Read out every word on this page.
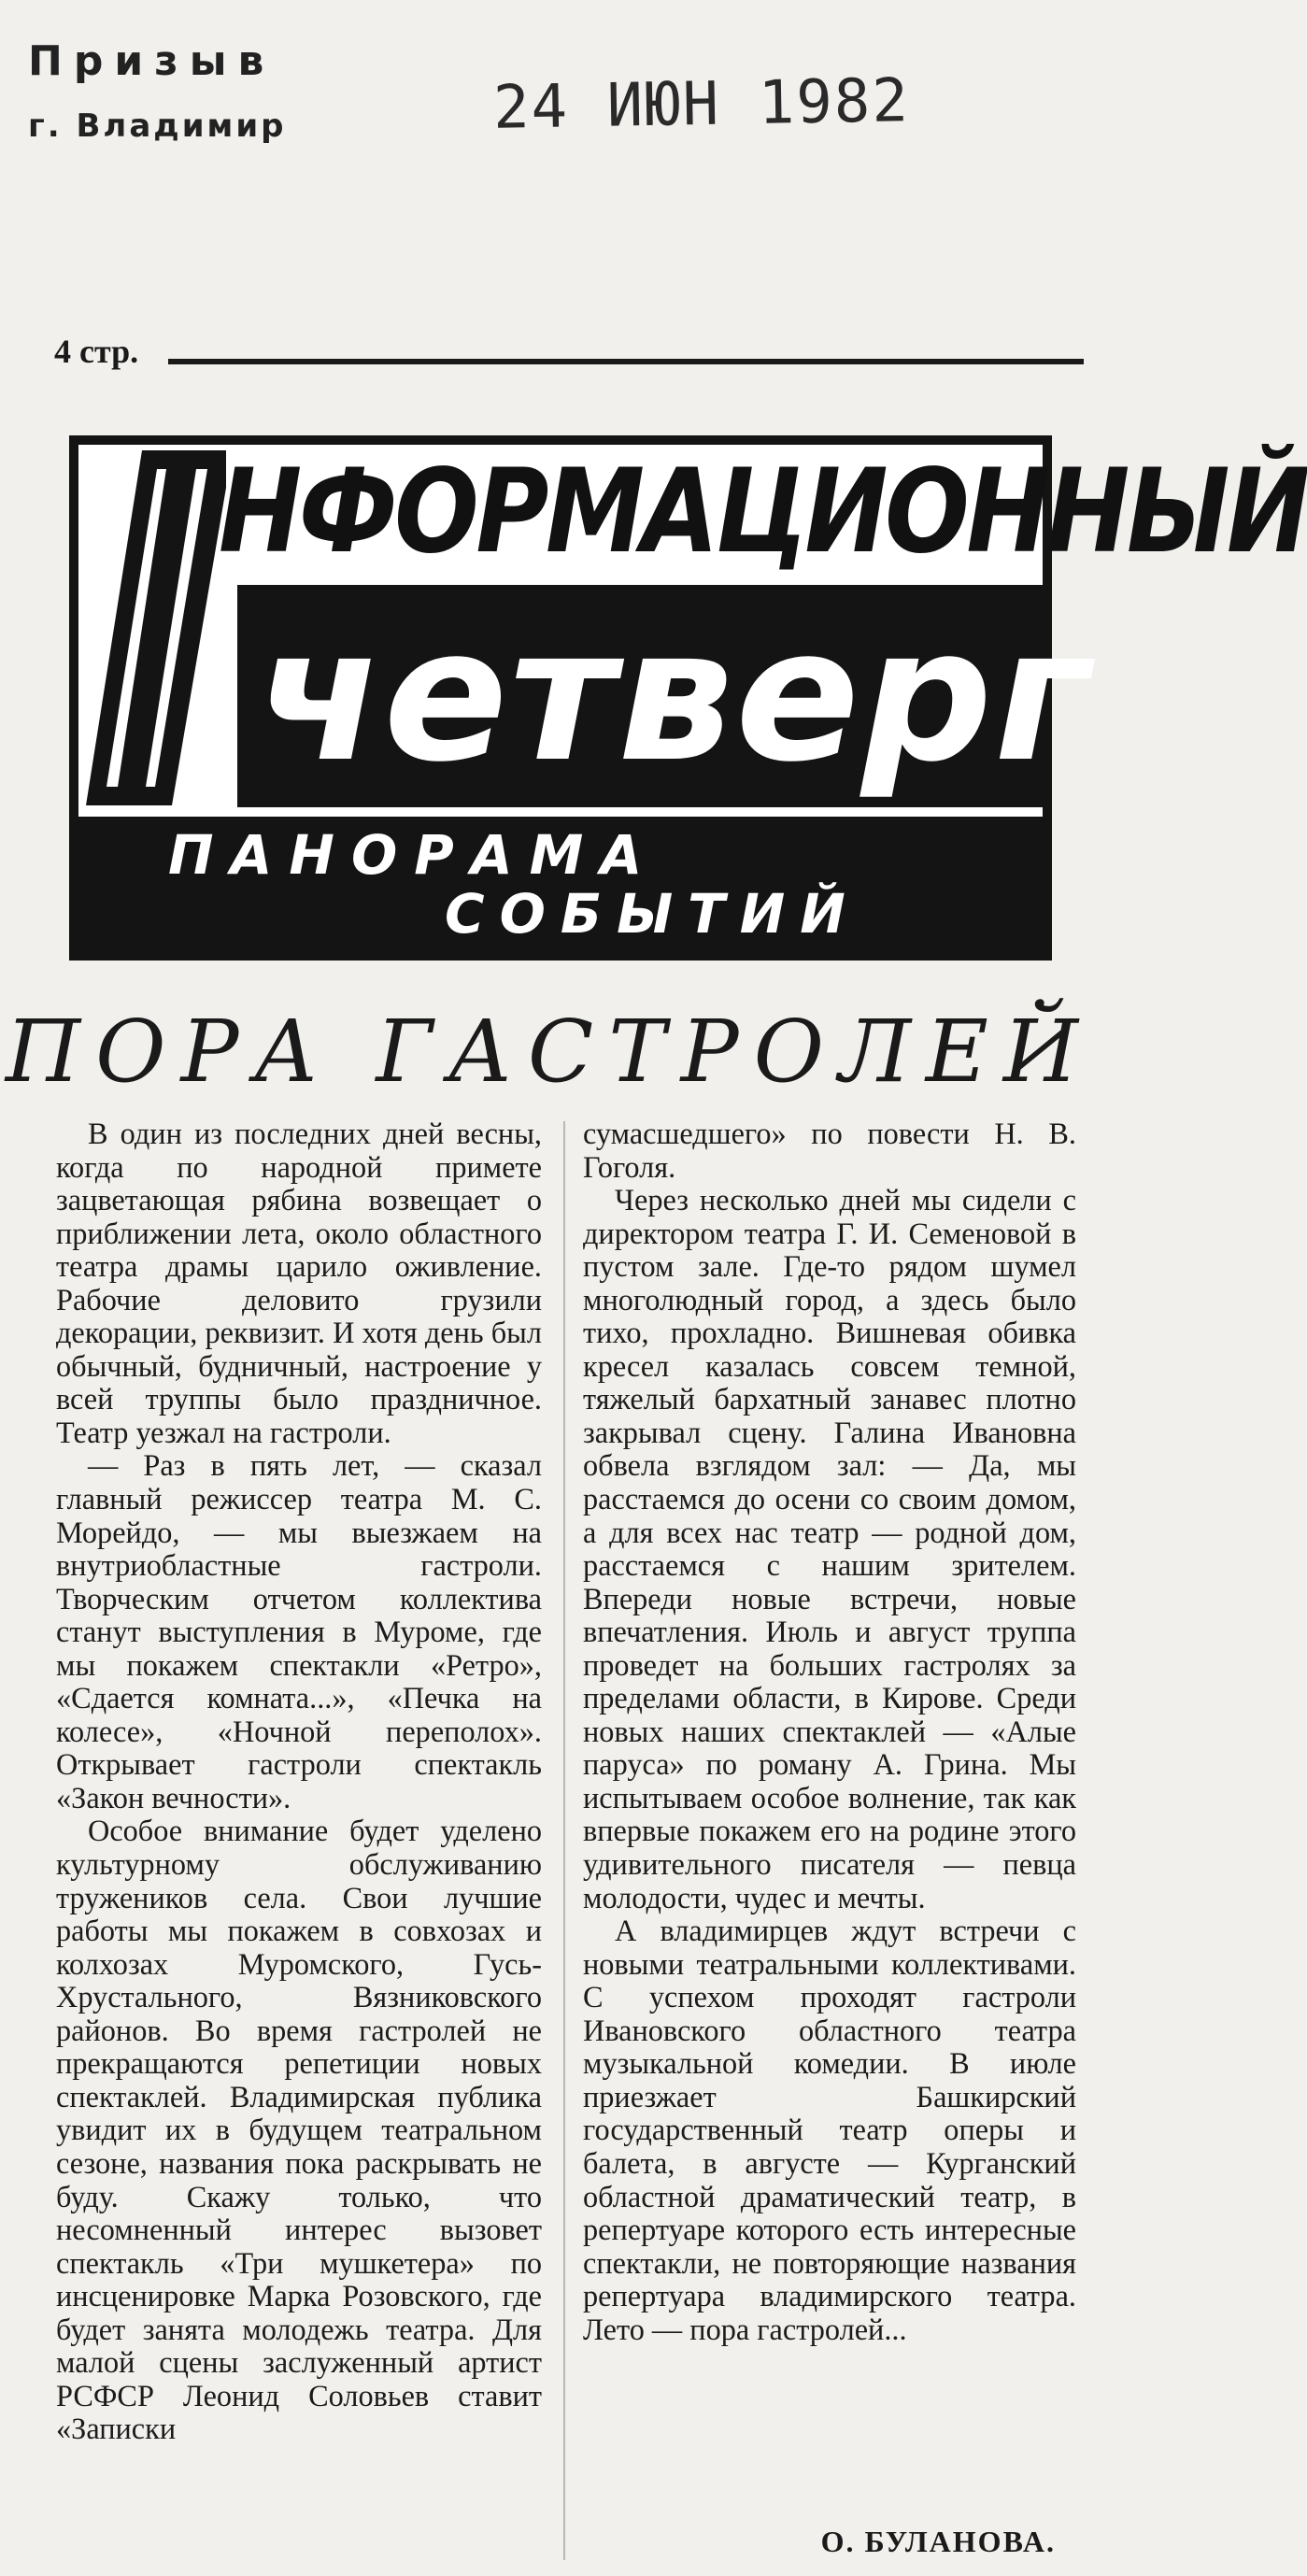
Призыв
г. Владимир	24 ИЮН 1982
4 стр.
НФОРМАЦИОННЫЙ
четверг
ПАНОРАМА
СОБЫТИЙ
ПОРА ГАСТРОЛЕЙ

В один из последних дней весны, когда по народной примете зацветающая рябина возвещает о приближении лета, около областного театра драмы царило оживление. Рабочие деловито грузили декорации, реквизит. И хотя день был обычный, будничный, настроение у всей труппы было праздничное. Театр уезжал на гастроли.

— Раз в пять лет, — сказал главный режиссер театра М. С. Морейдо, — мы выезжаем на внутриобластные гастроли. Творческим отчетом коллектива станут выступления в Муроме, где мы покажем спектакли «Ретро», «Сдается комната...», «Печка на колесе», «Ночной переполох». Открывает гастроли спектакль «Закон вечности».

Особое внимание будет уделено культурному обслуживанию тружеников села. Свои лучшие работы мы покажем в совхозах и колхозах Муромского, Гусь-Хрустального, Вязниковского районов. Во время гастролей не прекращаются репетиции новых спектаклей. Владимирская публика увидит их в будущем театральном сезоне, названия пока раскрывать не буду. Скажу только, что несомненный интерес вызовет спектакль «Три мушкетера» по инсценировке Марка Розовского, где будет занята молодежь театра. Для малой сцены заслуженный артист РСФСР Леонид Соловьев ставит «Записки

сумасшедшего» по повести Н. В. Гоголя.

Через несколько дней мы сидели с директором театра Г. И. Семеновой в пустом зале. Где-то рядом шумел многолюдный город, а здесь было тихо, прохладно. Вишневая обивка кресел казалась совсем темной, тяжелый бархатный занавес плотно закрывал сцену. Галина Ивановна обвела взглядом зал: — Да, мы расстаемся до осени со своим домом, а для всех нас театр — родной дом, расстаемся с нашим зрителем. Впереди новые встречи, новые впечатления. Июль и август труппа проведет на больших гастролях за пределами области, в Кирове. Среди новых наших спектаклей — «Алые паруса» по роману А. Грина. Мы испытываем особое волнение, так как впервые покажем его на родине этого удивительного писателя — певца молодости, чудес и мечты.

А владимирцев ждут встречи с новыми театральными коллективами. С успехом проходят гастроли Ивановского областного театра музыкальной комедии. В июле приезжает Башкирский государственный театр оперы и балета, в августе — Курганский областной драматический театр, в репертуаре которого есть интересные спектакли, не повторяющие названия репертуара владимирского театра. Лето — пора гастролей...

О. БУЛАНОВА.
